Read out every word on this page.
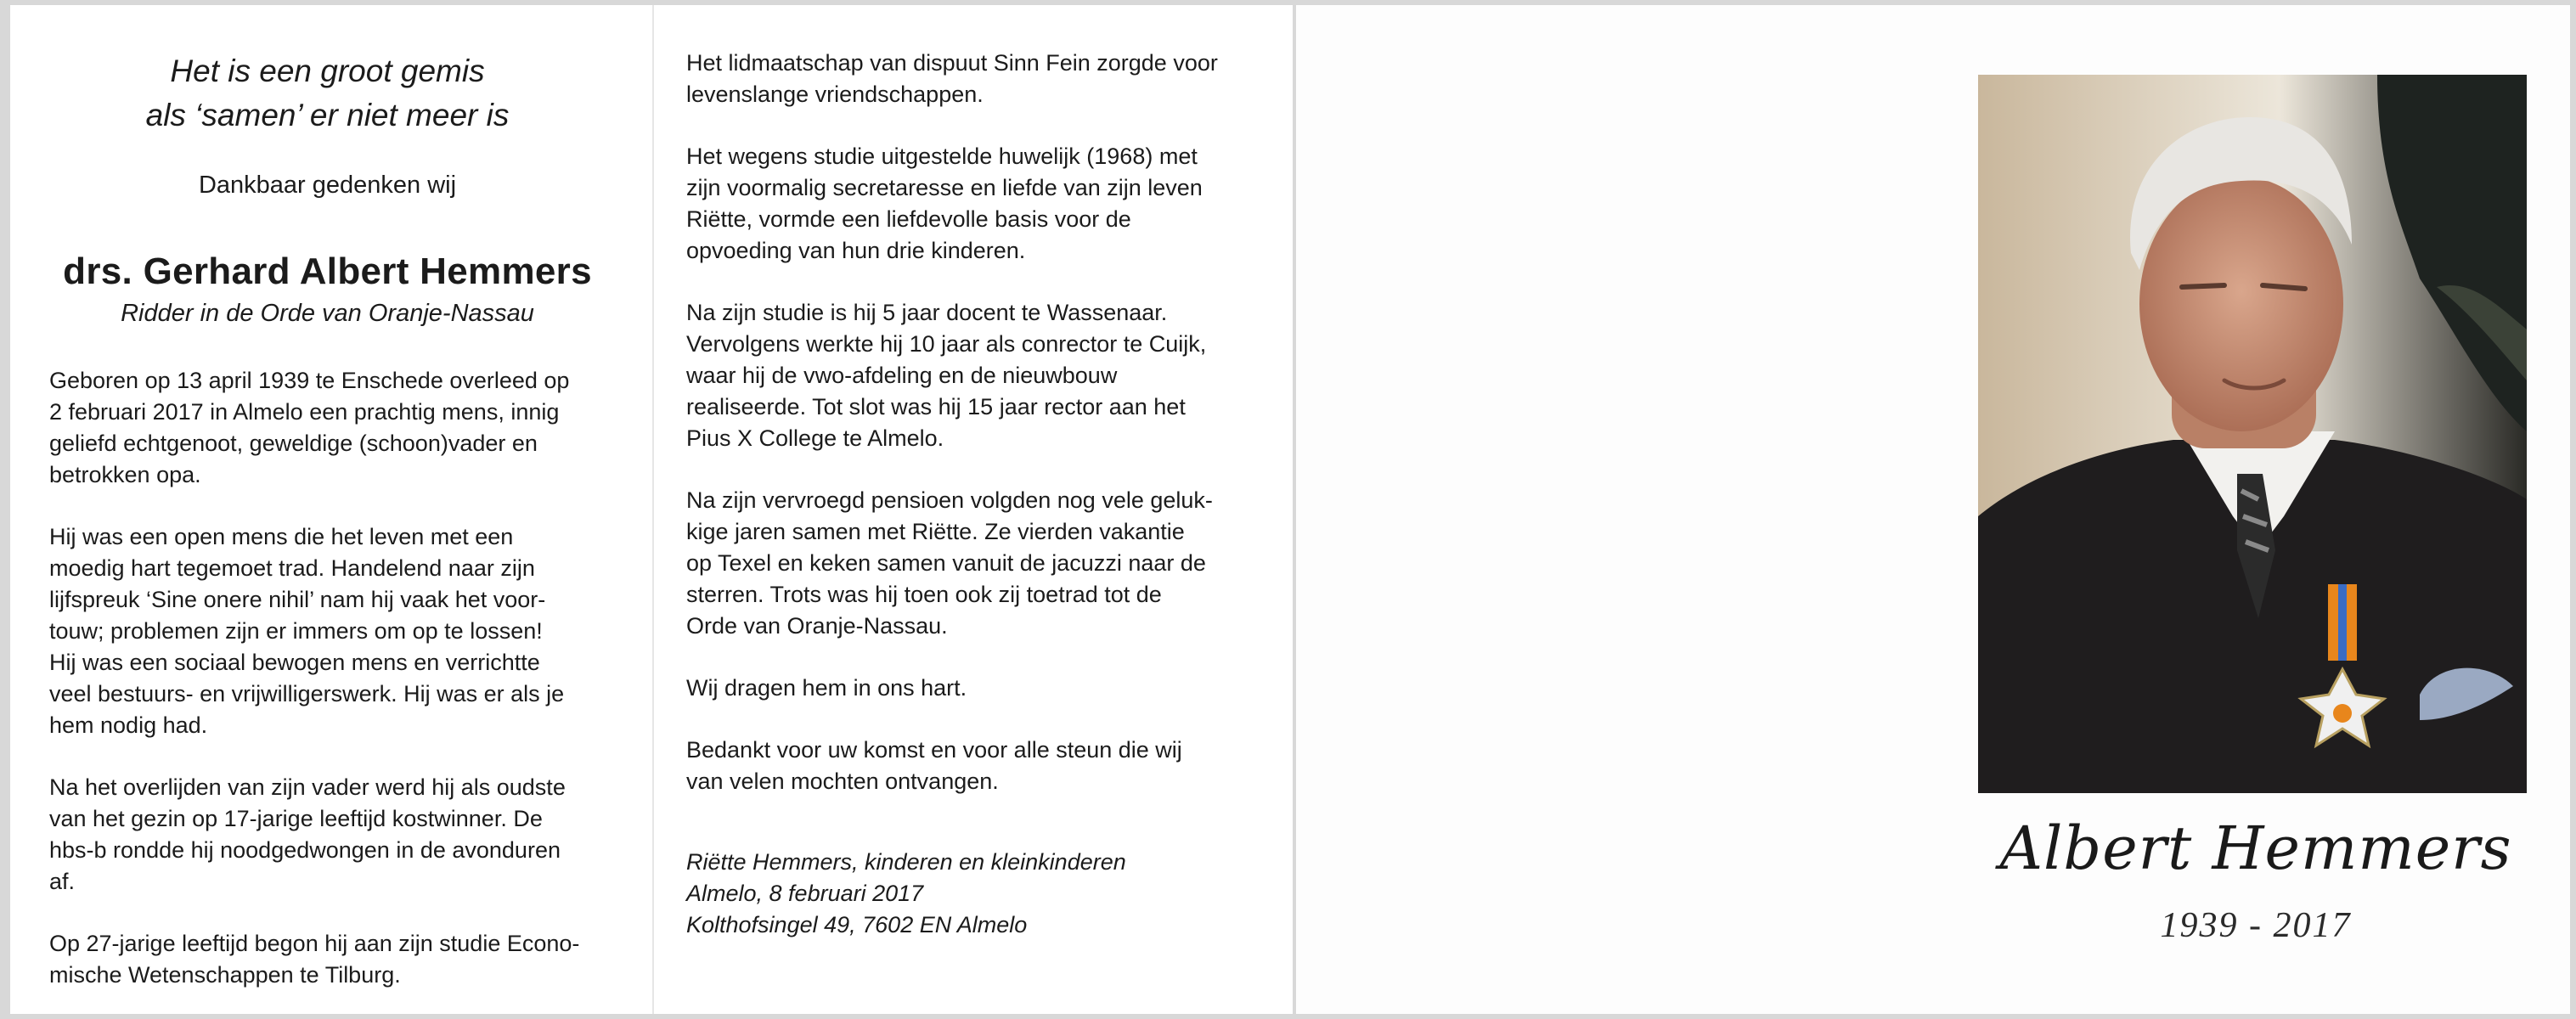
Het is een groot gemis
als ‘samen’ er niet meer is
Dankbaar gedenken wij
drs. Gerhard Albert Hemmers
Ridder in de Orde van Oranje-Nassau

Geboren op 13 april 1939 te Enschede overleed op
2 februari 2017 in Almelo een prachtig mens, innig
geliefd echtgenoot, geweldige (schoon)vader en
betrokken opa.

Hij was een open mens die het leven met een
moedig hart tegemoet trad. Handelend naar zijn
lijfspreuk ‘Sine onere nihil’ nam hij vaak het voor-
touw; problemen zijn er immers om op te lossen!
Hij was een sociaal bewogen mens en verrichtte
veel bestuurs- en vrijwilligerswerk. Hij was er als je
hem nodig had.

Na het overlijden van zijn vader werd hij als oudste
van het gezin op 17-jarige leeftijd kostwinner. De
hbs-b rondde hij noodgedwongen in de avonduren
af.

Op 27-jarige leeftijd begon hij aan zijn studie Econo-
mische Wetenschappen te Tilburg.

Het lidmaatschap van dispuut Sinn Fein zorgde voor
levenslange vriendschappen.

Het wegens studie uitgestelde huwelijk (1968) met
zijn voormalig secretaresse en liefde van zijn leven
Riëtte, vormde een liefdevolle basis voor de
opvoeding van hun drie kinderen.

Na zijn studie is hij 5 jaar docent te Wassenaar.
Vervolgens werkte hij 10 jaar als conrector te Cuijk,
waar hij de vwo-afdeling en de nieuwbouw
realiseerde. Tot slot was hij 15 jaar rector aan het
Pius X College te Almelo.

Na zijn vervroegd pensioen volgden nog vele geluk-
kige jaren samen met Riëtte. Ze vierden vakantie
op Texel en keken samen vanuit de jacuzzi naar de
sterren. Trots was hij toen ook zij toetrad tot de
Orde van Oranje-Nassau.

Wij dragen hem in ons hart.

Bedankt voor uw komst en voor alle steun die wij
van velen mochten ontvangen.

Riëtte Hemmers, kinderen en kleinkinderen
Almelo, 8 februari 2017
Kolthofsingel 49, 7602 EN Almelo
Albert Hemmers
1939 - 2017
